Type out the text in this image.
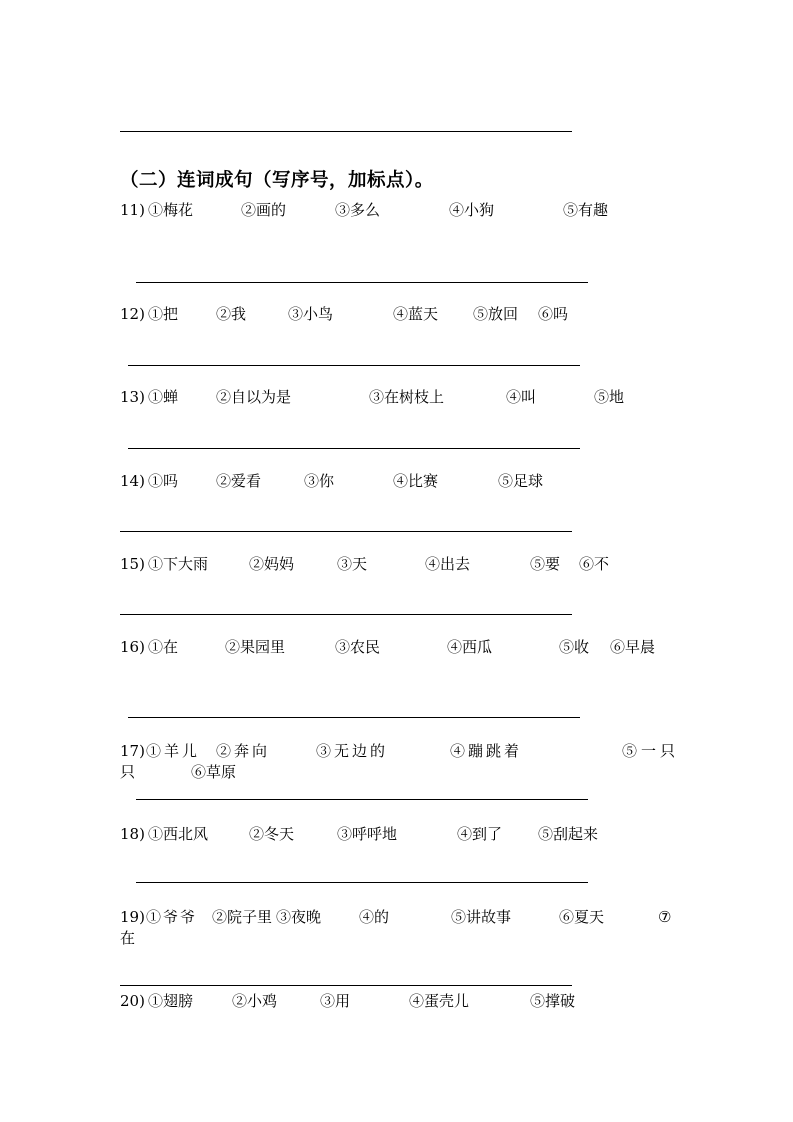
（二）连词成句（写序号，加标点）。
11) ①梅花	②画的	③多么	④小狗	⑤有趣
12) ①把	②我	③小鸟	④蓝天 ⑤放回 ⑥吗
13) ①蝉	②自以为是	③在树枝上	④叫	⑤地
14) ①吗	②爱看	③你	④比赛	⑤足球
15) ①下大雨	②妈妈	③天	④出去	⑤要 ⑥不
16) ①在	②果园里	③农民	④西瓜	⑤收 ⑥早晨
17) ①羊儿 ②奔向	③无边的	④蹦跳着	⑤一只
只	⑥草原
18) ①西北风	②冬天	③呼呼地	④到了 ⑤刮起来
19) ①爷爷 ②院子里 ③夜晚	④的	⑤讲故事	⑥夏天	⑦
在
20) ①翅膀	②小鸡	③用	④蛋壳儿	⑤撑破
